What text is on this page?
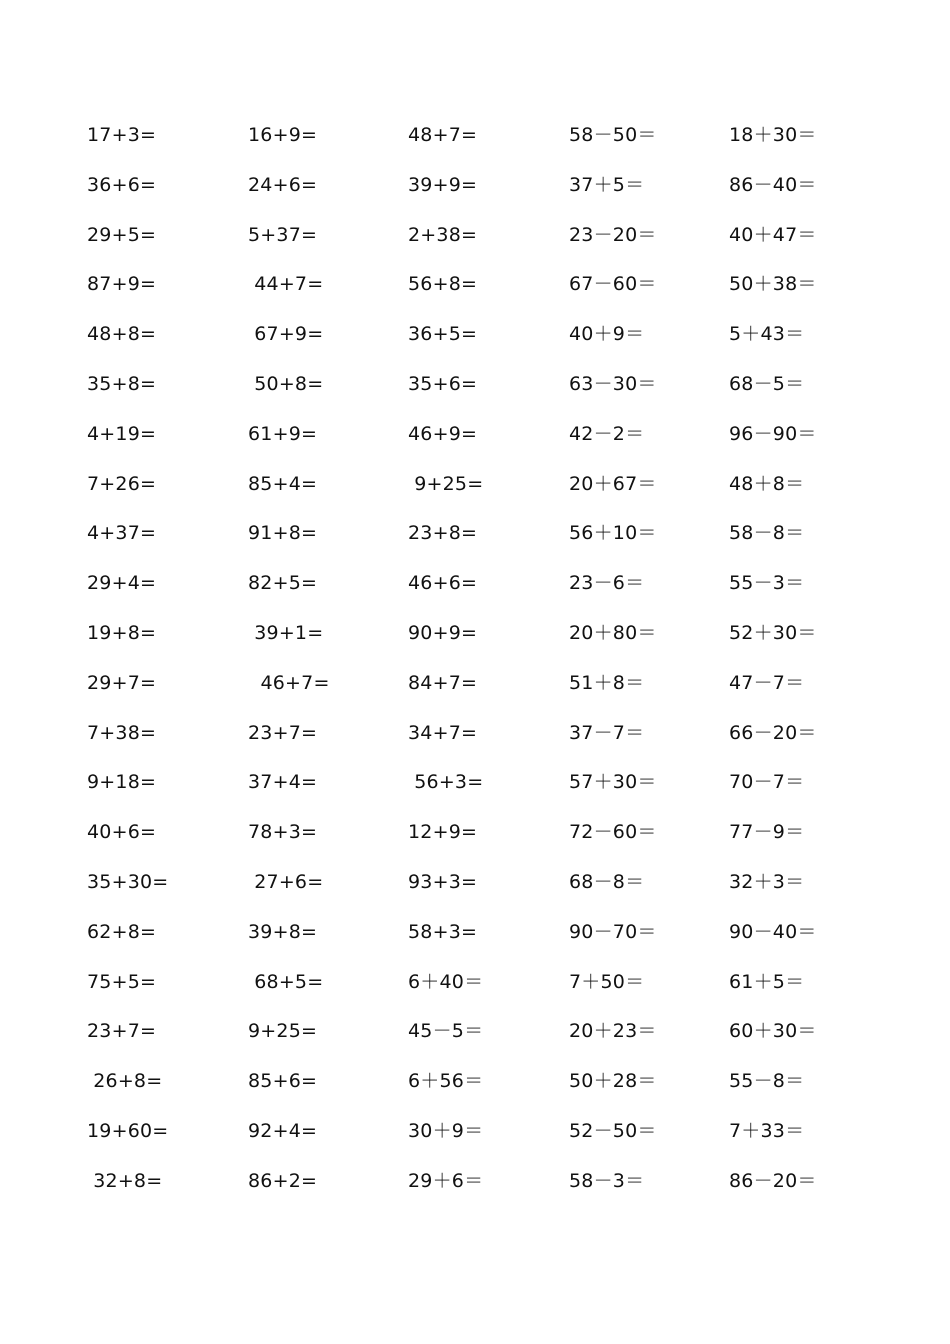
17+3=
36+6=
29+5=
87+9=
48+8=
35+8=
4+19=
7+26=
4+37=
29+4=
19+8=
29+7=
7+38=
9+18=
40+6=
35+30=
62+8=
75+5=
23+7=
26+8=
19+60=
32+8=
16+9=
24+6=
5+37=
44+7=
67+9=
50+8=
61+9=
85+4=
91+8=
82+5=
39+1=
46+7=
23+7=
37+4=
78+3=
27+6=
39+8=
68+5=
9+25=
85+6=
92+4=
86+2=
48+7=
39+9=
2+38=
56+8=
36+5=
35+6=
46+9=
9+25=
23+8=
46+6=
90+9=
84+7=
34+7=
56+3=
12+9=
93+3=
58+3=
6＋40＝
45－5＝
6＋56＝
30＋9＝
29＋6＝
58－50＝
37＋5＝
23－20＝
67－60＝
40＋9＝
63－30＝
42－2＝
20＋67＝
56＋10＝
23－6＝
20＋80＝
51＋8＝
37－7＝
57＋30＝
72－60＝
68－8＝
90－70＝
7＋50＝
20＋23＝
50＋28＝
52－50＝
58－3＝
18＋30＝
86－40＝
40＋47＝
50＋38＝
5＋43＝
68－5＝
96－90＝
48＋8＝
58－8＝
55－3＝
52＋30＝
47－7＝
66－20＝
70－7＝
77－9＝
32＋3＝
90－40＝
61＋5＝
60＋30＝
55－8＝
7＋33＝
86－20＝
